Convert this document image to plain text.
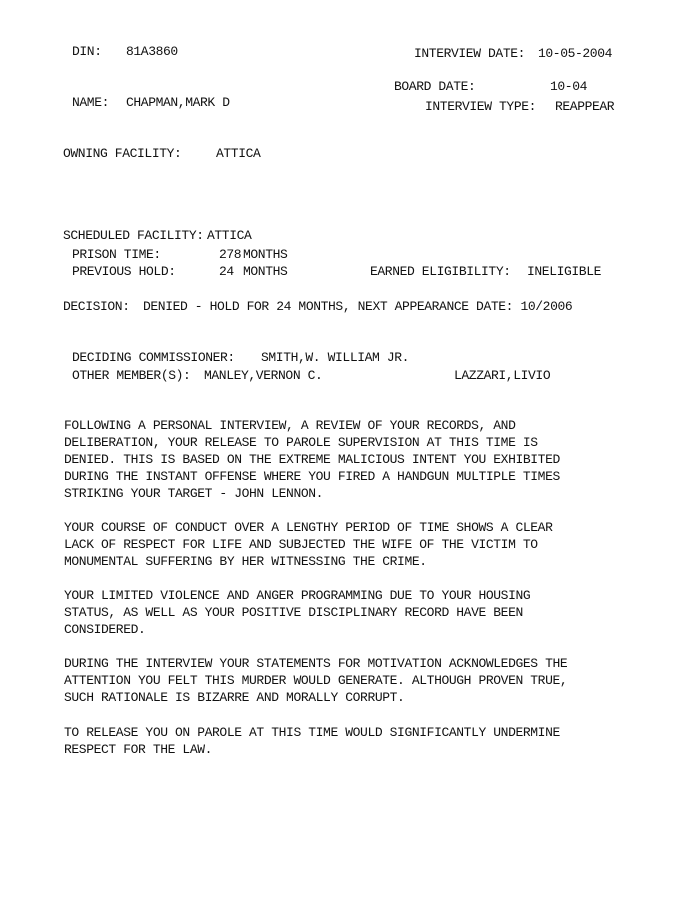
DIN: 81A3860	INTERVIEW DATE: 10-05-2004
BOARD DATE:	10-04
NAME: CHAPMAN,MARK D	INTERVIEW TYPE: REAPPEAR
OWNING FACILITY:	ATTICA
SCHEDULED FACILITY: ATTICA
PRISON TIME:	278 MONTHS
PREVIOUS HOLD:	24 MONTHS	EARNED ELIGIBILITY: INELIGIBLE
DECISION: DENIED - HOLD FOR 24 MONTHS, NEXT APPEARANCE DATE: 10/2006
DECIDING COMMISSIONER: SMITH,W. WILLIAM JR.
OTHER MEMBER(S): MANLEY,VERNON C.	LAZZARI,LIVIO
FOLLOWING A PERSONAL INTERVIEW, A REVIEW OF YOUR RECORDS, AND
DELIBERATION, YOUR RELEASE TO PAROLE SUPERVISION AT THIS TIME IS
DENIED. THIS IS BASED ON THE EXTREME MALICIOUS INTENT YOU EXHIBITED
DURING THE INSTANT OFFENSE WHERE YOU FIRED A HANDGUN MULTIPLE TIMES
STRIKING YOUR TARGET - JOHN LENNON.
YOUR COURSE OF CONDUCT OVER A LENGTHY PERIOD OF TIME SHOWS A CLEAR
LACK OF RESPECT FOR LIFE AND SUBJECTED THE WIFE OF THE VICTIM TO
MONUMENTAL SUFFERING BY HER WITNESSING THE CRIME.
YOUR LIMITED VIOLENCE AND ANGER PROGRAMMING DUE TO YOUR HOUSING
STATUS, AS WELL AS YOUR POSITIVE DISCIPLINARY RECORD HAVE BEEN
CONSIDERED.
DURING THE INTERVIEW YOUR STATEMENTS FOR MOTIVATION ACKNOWLEDGES THE
ATTENTION YOU FELT THIS MURDER WOULD GENERATE. ALTHOUGH PROVEN TRUE,
SUCH RATIONALE IS BIZARRE AND MORALLY CORRUPT.
TO RELEASE YOU ON PAROLE AT THIS TIME WOULD SIGNIFICANTLY UNDERMINE
RESPECT FOR THE LAW.
